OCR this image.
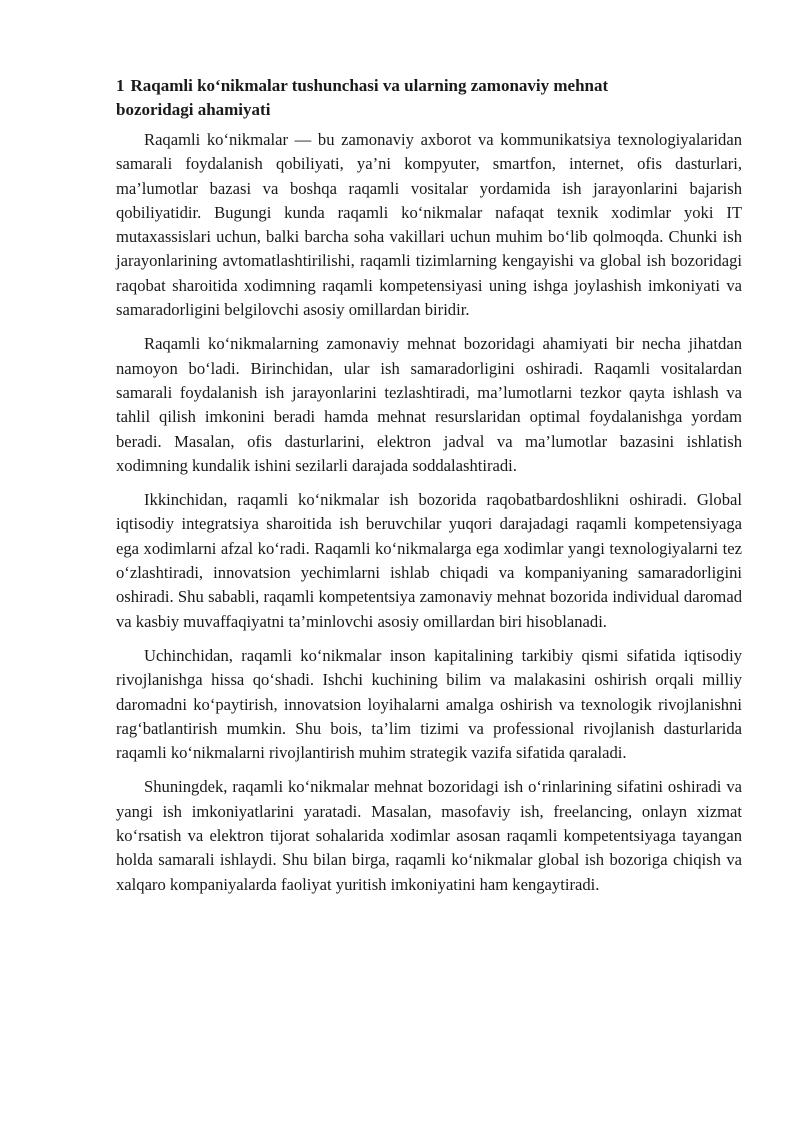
1 Raqamli ko‘nikmalar tushunchasi va ularning zamonaviy mehnat bozoridagi ahamiyati

Raqamli ko‘nikmalar — bu zamonaviy axborot va kommunikatsiya texnologiyalaridan samarali foydalanish qobiliyati, ya’ni kompyuter, smartfon, internet, ofis dasturlari, ma’lumotlar bazasi va boshqa raqamli vositalar yordamida ish jarayonlarini bajarish qobiliyatidir. Bugungi kunda raqamli ko‘nikmalar nafaqat texnik xodimlar yoki IT mutaxassislari uchun, balki barcha soha vakillari uchun muhim bo‘lib qolmoqda. Chunki ish jarayonlarining avtomatlashtirilishi, raqamli tizimlarning kengayishi va global ish bozoridagi raqobat sharoitida xodimning raqamli kompetensiyasi uning ishga joylashish imkoniyati va samaradorligini belgilovchi asosiy omillardan biridir.

Raqamli ko‘nikmalarning zamonaviy mehnat bozoridagi ahamiyati bir necha jihatdan namoyon bo‘ladi. Birinchidan, ular ish samaradorligini oshiradi. Raqamli vositalardan samarali foydalanish ish jarayonlarini tezlashtiradi, ma’lumotlarni tezkor qayta ishlash va tahlil qilish imkonini beradi hamda mehnat resurslaridan optimal foydalanishga yordam beradi. Masalan, ofis dasturlarini, elektron jadval va ma’lumotlar bazasini ishlatish xodimning kundalik ishini sezilarli darajada soddalashtiradi.

Ikkinchidan, raqamli ko‘nikmalar ish bozorida raqobatbardoshlikni oshiradi. Global iqtisodiy integratsiya sharoitida ish beruvchilar yuqori darajadagi raqamli kompetensiyaga ega xodimlarni afzal ko‘radi. Raqamli ko‘nikmalarga ega xodimlar yangi texnologiyalarni tez o‘zlashtiradi, innovatsion yechimlarni ishlab chiqadi va kompaniyaning samaradorligini oshiradi. Shu sababli, raqamli kompetentsiya zamonaviy mehnat bozorida individual daromad va kasbiy muvaffaqiyatni ta’minlovchi asosiy omillardan biri hisoblanadi.

Uchinchidan, raqamli ko‘nikmalar inson kapitalining tarkibiy qismi sifatida iqtisodiy rivojlanishga hissa qo‘shadi. Ishchi kuchining bilim va malakasini oshirish orqali milliy daromadni ko‘paytirish, innovatsion loyihalarni amalga oshirish va texnologik rivojlanishni rag‘batlantirish mumkin. Shu bois, ta’lim tizimi va professional rivojlanish dasturlarida raqamli ko‘nikmalarni rivojlantirish muhim strategik vazifa sifatida qaraladi.

Shuningdek, raqamli ko‘nikmalar mehnat bozoridagi ish o‘rinlarining sifatini oshiradi va yangi ish imkoniyatlarini yaratadi. Masalan, masofaviy ish, freelancing, onlayn xizmat ko‘rsatish va elektron tijorat sohalarida xodimlar asosan raqamli kompetentsiyaga tayangan holda samarali ishlaydi. Shu bilan birga, raqamli ko‘nikmalar global ish bozoriga chiqish va xalqaro kompaniyalarda faoliyat yuritish imkoniyatini ham kengaytiradi.
